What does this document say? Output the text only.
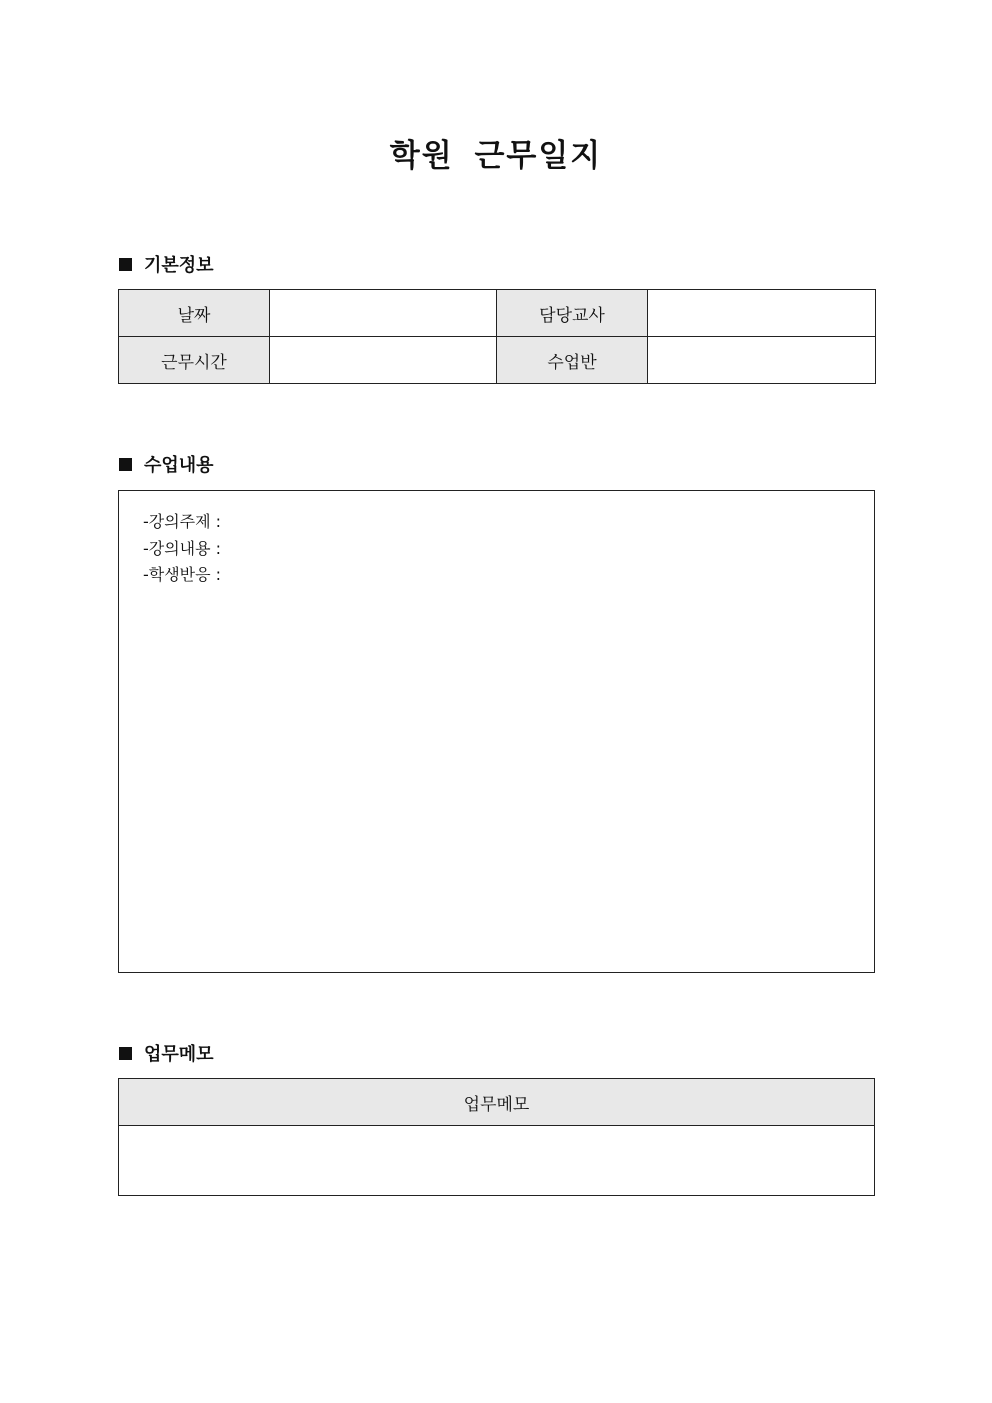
학원 근무일지
기본정보
날짜		담당교사	
근무시간		수업반	
수업내용
-강의주제 :
-강의내용 :
-학생반응 :
업무메모
업무메모
